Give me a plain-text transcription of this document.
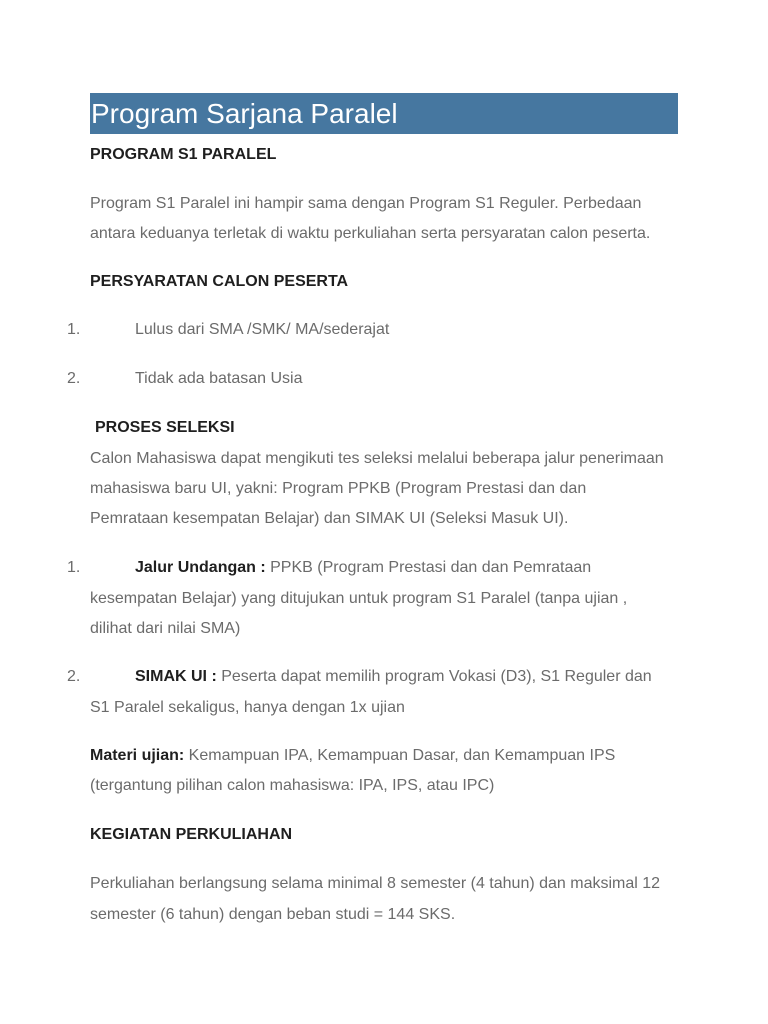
Program Sarjana Paralel
PROGRAM S1 PARALEL
Program S1 Paralel ini hampir sama dengan Program S1 Reguler. Perbedaan
antara keduanya terletak di waktu perkuliahan serta persyaratan calon peserta.
PERSYARATAN CALON PESERTA
1.	Lulus dari SMA /SMK/ MA/sederajat
2.	Tidak ada batasan Usia
PROSES SELEKSI
Calon Mahasiswa dapat mengikuti tes seleksi melalui beberapa jalur penerimaan
mahasiswa baru UI, yakni: Program PPKB (Program Prestasi dan dan
Pemrataan kesempatan Belajar) dan SIMAK UI (Seleksi Masuk UI).
1.	Jalur Undangan : PPKB (Program Prestasi dan dan Pemrataan
kesempatan Belajar) yang ditujukan untuk program S1 Paralel (tanpa ujian ,
dilihat dari nilai SMA)
2.	SIMAK UI : Peserta dapat memilih program Vokasi (D3), S1 Reguler dan
S1 Paralel sekaligus, hanya dengan 1x ujian
Materi ujian: Kemampuan IPA, Kemampuan Dasar, dan Kemampuan IPS
(tergantung pilihan calon mahasiswa: IPA, IPS, atau IPC)
KEGIATAN PERKULIAHAN
Perkuliahan berlangsung selama minimal 8 semester (4 tahun) dan maksimal 12
semester (6 tahun) dengan beban studi = 144 SKS.
